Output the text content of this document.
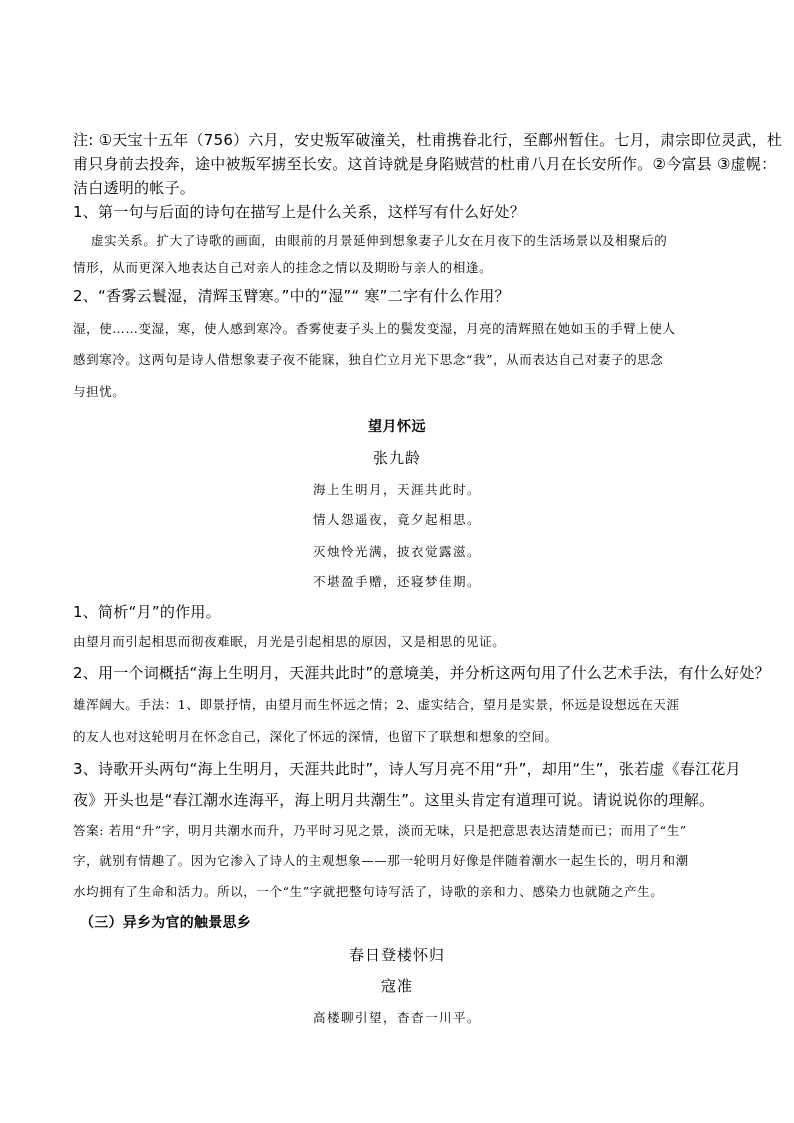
注: ①天宝十五年（756）六月，安史叛军破潼关，杜甫携眷北行，至鄜州暂住。七月，肃宗即位灵武，杜

甫只身前去投奔，途中被叛军掳至长安。这首诗就是身陷贼营的杜甫八月在长安所作。②今富县 ③虚幌：

洁白透明的帐子。

1、第一句与后面的诗句在描写上是什么关系，这样写有什么好处？

虚实关系。扩大了诗歌的画面，由眼前的月景延伸到想象妻子儿女在月夜下的生活场景以及相聚后的

情形，从而更深入地表达自己对亲人的挂念之情以及期盼与亲人的相逢。

2、“香雾云鬟湿，清辉玉臂寒。”中的“湿”“ 寒”二字有什么作用？

湿，使……变湿，寒，使人感到寒冷。香雾使妻子头上的鬓发变湿，月亮的清辉照在她如玉的手臂上使人

感到寒冷。这两句是诗人借想象妻子夜不能寐，独自伫立月光下思念“我”，从而表达自己对妻子的思念

与担忧。

望月怀远

张九龄

海上生明月，天涯共此时。

情人怨遥夜，竟夕起相思。

灭烛怜光满，披衣觉露滋。

不堪盈手赠，还寝梦佳期。

1、简析“月”的作用。

由望月而引起相思而彻夜难眠，月光是引起相思的原因，又是相思的见证。

2、用一个词概括“海上生明月，天涯共此时”的意境美，并分析这两句用了什么艺术手法，有什么好处？

雄浑阔大。手法：1、即景抒情，由望月而生怀远之情；2、虚实结合，望月是实景，怀远是设想远在天涯

的友人也对这轮明月在怀念自己，深化了怀远的深情，也留下了联想和想象的空间。

3、诗歌开头两句“海上生明月，天涯共此时”，诗人写月亮不用“升”，却用“生”，张若虚《春江花月

夜》开头也是“春江潮水连海平，海上明月共潮生”。这里头肯定有道理可说。请说说你的理解。

答案: 若用“升”字，明月共潮水而升，乃平时习见之景，淡而无味，只是把意思表达清楚而已；而用了“生”

字，就别有情趣了。因为它渗入了诗人的主观想象——那一轮明月好像是伴随着潮水一起生长的，明月和潮

水均拥有了生命和活力。所以，一个“生”字就把整句诗写活了，诗歌的亲和力、感染力也就随之产生。

（三）异乡为官的触景思乡

春日登楼怀归

寇准

高楼聊引望，杳杳一川平。
